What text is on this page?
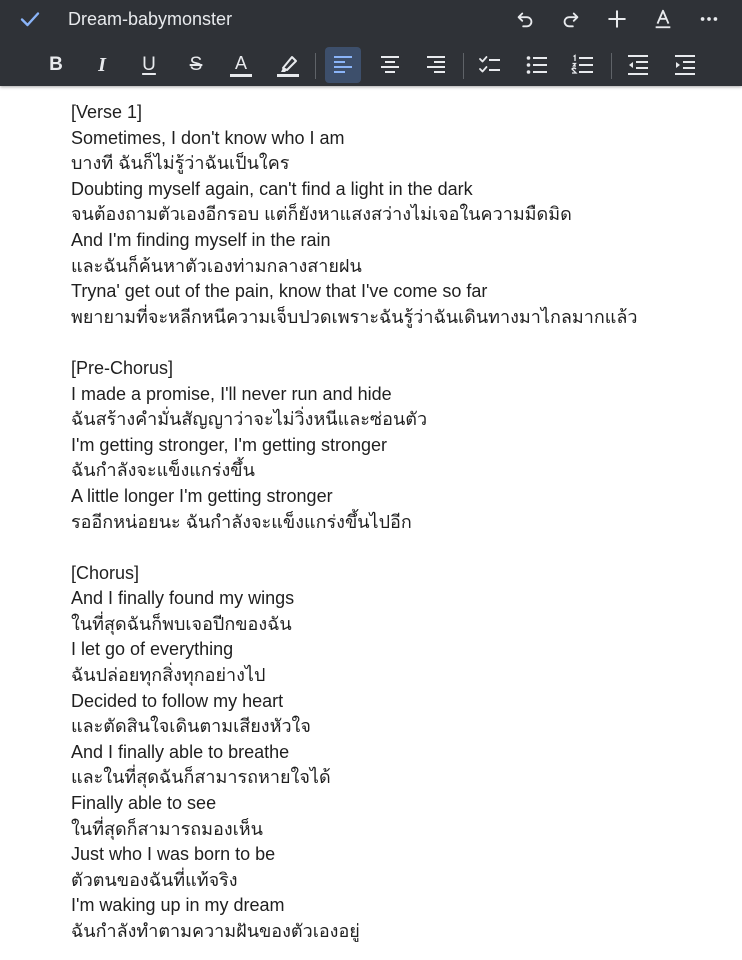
Dream-babymonster
B I U S A
[Verse 1]
Sometimes, I don't know who I am
บางที ฉันก็ไม่รู้ว่าฉันเป็นใคร
Doubting myself again, can't find a light in the dark
จนต้องถามตัวเองอีกรอบ แต่ก็ยังหาแสงสว่างไม่เจอในความมืดมิด
And I'm finding myself in the rain
และฉันก็ค้นหาตัวเองท่ามกลางสายฝน
Tryna' get out of the pain, know that I've come so far
พยายามที่จะหลีกหนีความเจ็บปวดเพราะฉันรู้ว่าฉันเดินทางมาไกลมากแล้ว
[Pre-Chorus]
I made a promise, I'll never run and hide
ฉันสร้างคำมั่นสัญญาว่าจะไม่วิ่งหนีและซ่อนตัว
I'm getting stronger, I'm getting stronger
ฉันกำลังจะแข็งแกร่งขึ้น
A little longer I'm getting stronger
รออีกหน่อยนะ ฉันกำลังจะแข็งแกร่งขึ้นไปอีก
[Chorus]
And I finally found my wings
ในที่สุดฉันก็พบเจอปีกของฉัน
I let go of everything
ฉันปล่อยทุกสิ่งทุกอย่างไป
Decided to follow my heart
และตัดสินใจเดินตามเสียงหัวใจ
And I finally able to breathe
และในที่สุดฉันก็สามารถหายใจได้
Finally able to see
ในที่สุดก็สามารถมองเห็น
Just who I was born to be
ตัวตนของฉันที่แท้จริง
I'm waking up in my dream
ฉันกำลังทำตามความฝันของตัวเองอยู่
